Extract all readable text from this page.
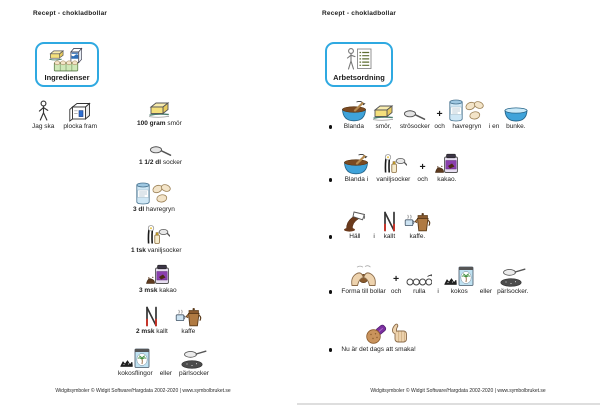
Recept - chokladbollar
Ingredienser
Jag ska plocka fram	100 gram smör
1 1/2 dl socker
3 dl havregryn
1 tsk vaniljsocker
3 msk kakao
2 msk kallt kaffe
kokosflingor eller pärlsocker
Widgitsymboler © Widgit Software/Hargdata 2002-2020 | www.symbolbruket.se
Recept - chokladbollar
Arbetsordning
Blanda smör, strösocker
+
och havregryn i en bunke.
Blanda i vaniljsocker
+
och kakao.
Häll i kallt kaffe.
Forma till bollar
+
och rulla i kokos eller pärlsocker.
Nu är det dags att smaka!
Widgitsymboler © Widgit Software/Hargdata 2002-2020 | www.symbolbruket.se
